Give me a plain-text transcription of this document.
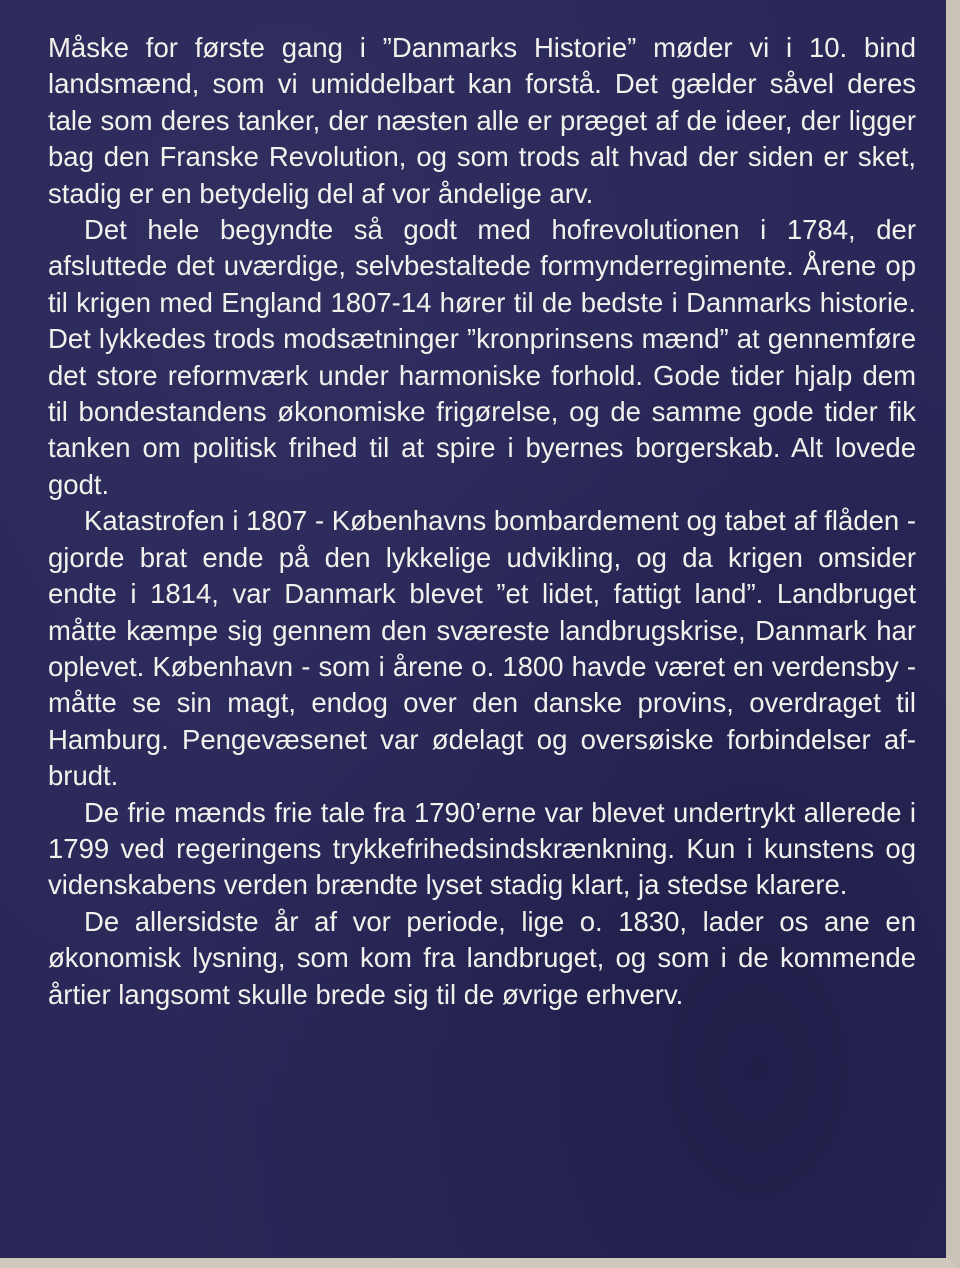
Måske for første gang i ”Danmarks Historie” møder vi i 10. bind landsmænd, som vi umiddelbart kan forstå. Det gælder såvel deres tale som deres tanker, der næsten alle er præget af de ideer, der ligger bag den Franske Revolution, og som trods alt hvad der siden er sket, stadig er en betydelig del af vor åndelige arv.

Det hele begyndte så godt med hofrevolutionen i 1784, der afsluttede det uværdige, selvbestaltede formynderregimente. Årene op til krigen med England 1807-14 hører til de bedste i Danmarks historie. Det lykkedes trods modsætninger ”kronprinsens mænd” at gennemføre det store reformværk under harmoniske forhold. Gode tider hjalp dem til bondestandens økonomiske frigørelse, og de samme gode tider fik tanken om politisk frihed til at spire i byernes borgerskab. Alt lovede godt.

Katastrofen i 1807 - Københavns bombardement og tabet af flåden - gjorde brat ende på den lykkelige udvikling, og da krigen omsider endte i 1814, var Danmark blevet ”et lidet, fattigt land”. Landbruget måtte kæmpe sig gennem den sværeste landbrugskrise, Danmark har oplevet. København - som i årene o. 1800 havde været en verdensby - måtte se sin magt, endog over den danske provins, overdraget til Hamburg. Pengevæsenet var ødelagt og oversøiske forbindelser afbrudt.

De frie mænds frie tale fra 1790’erne var blevet undertrykt allerede i 1799 ved regeringens trykkefrihedsindskrænkning. Kun i kunstens og videnskabens verden brændte lyset stadig klart, ja stedse klarere.

De allersidste år af vor periode, lige o. 1830, lader os ane en økonomisk lysning, som kom fra landbruget, og som i de kommende årtier langsomt skulle brede sig til de øvrige erhverv.
